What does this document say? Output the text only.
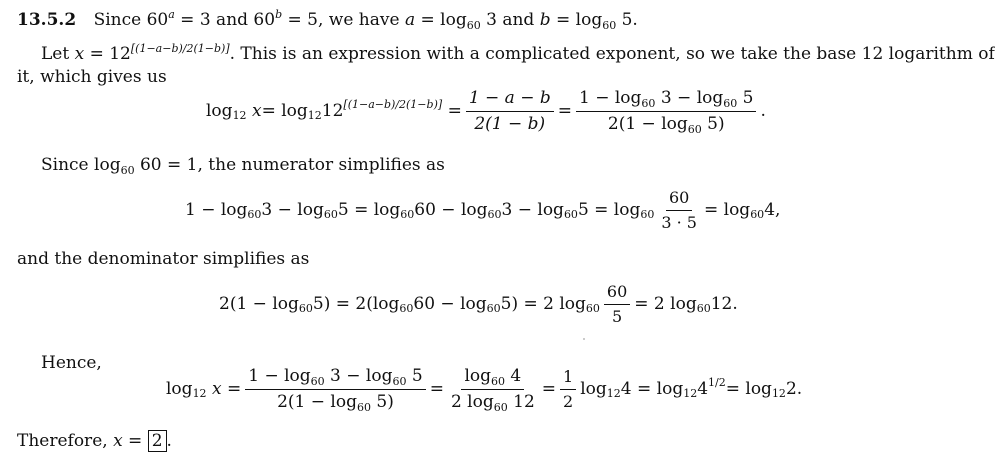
13.5.2 Since $60^a = 3$ and $60^b = 5$, we have $a = \log_{60} 3$ and $b = \log_{60} 5$.
Let x = 12[(1−a−b)/2(1−b)]. This is an expression with a complicated exponent, so we take the base 12 logarithm of
it, which gives us
$\log_{12}$
$x = \log_{12} 12[(1-a-b)/2(1-b)]$
= $\frac{1 - a - b}{2(1 - b)} = \frac{1 - \log_{60} 3 - \log_{60} 5}{2(1 - \log_{60} 5)}$ .
Since $\log_{60} 60 = 1$, the numerator simplifies as
$1 - \log_{60} 3 - \log_{60} 5 = \log_{60} 60 - \log_{60} 3 - \log_{60} 5 = \log_{60} \frac{60}{3 \cdot 5} = \log_{60} 4$,
and the denominator simplifies as
$2(1 - \log_{60} 5) = 2(\log_{60}$ $60 - \log_{60} 5) = 2$ $\log_{60} \frac{60}{5} = 2$ $\log_{60} 12$.
Hence,
$\log_{12}$
x
= $\frac{1 - \log_{60} 3 - \log_{60} 5}{2(1 - \log_{60} 5)} = \frac{\log_{60} 4}{2 \log_{60} 12} = \frac{1}{2} \log_{12} 4 = \log_{12} 4^{1/2} = \log_{12} 2$.
Therefore, x = 2 .
